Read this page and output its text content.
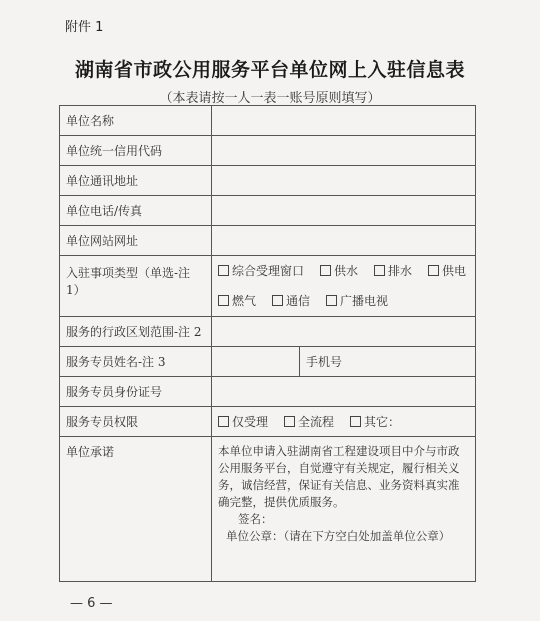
附件 1
湖南省市政公用服务平台单位网上入驻信息表
（本表请按一人一表一账号原则填写）
单位名称		
单位统一信用代码		
单位通讯地址		
单位电话/传真		
单位网站网址		
入驻事项类型（单选-注 1）	综合受理窗口 供水 排水 供电
燃气 通信 广播电视	
服务的行政区划范围-注 2		
服务专员姓名-注 3		手机号
服务专员身份证号		
服务专员权限	仅受理 全流程 其它：	
单位承诺	本单位申请入驻湖南省工程建设项目中介与市政公用服务平台，自觉遵守有关规定，履行相关义务，诚信经营，保证有关信息、业务资料真实准确完整，提供优质服务。

签名：

单位公章：（请在下方空白处加盖单位公章）	

— 6 —
